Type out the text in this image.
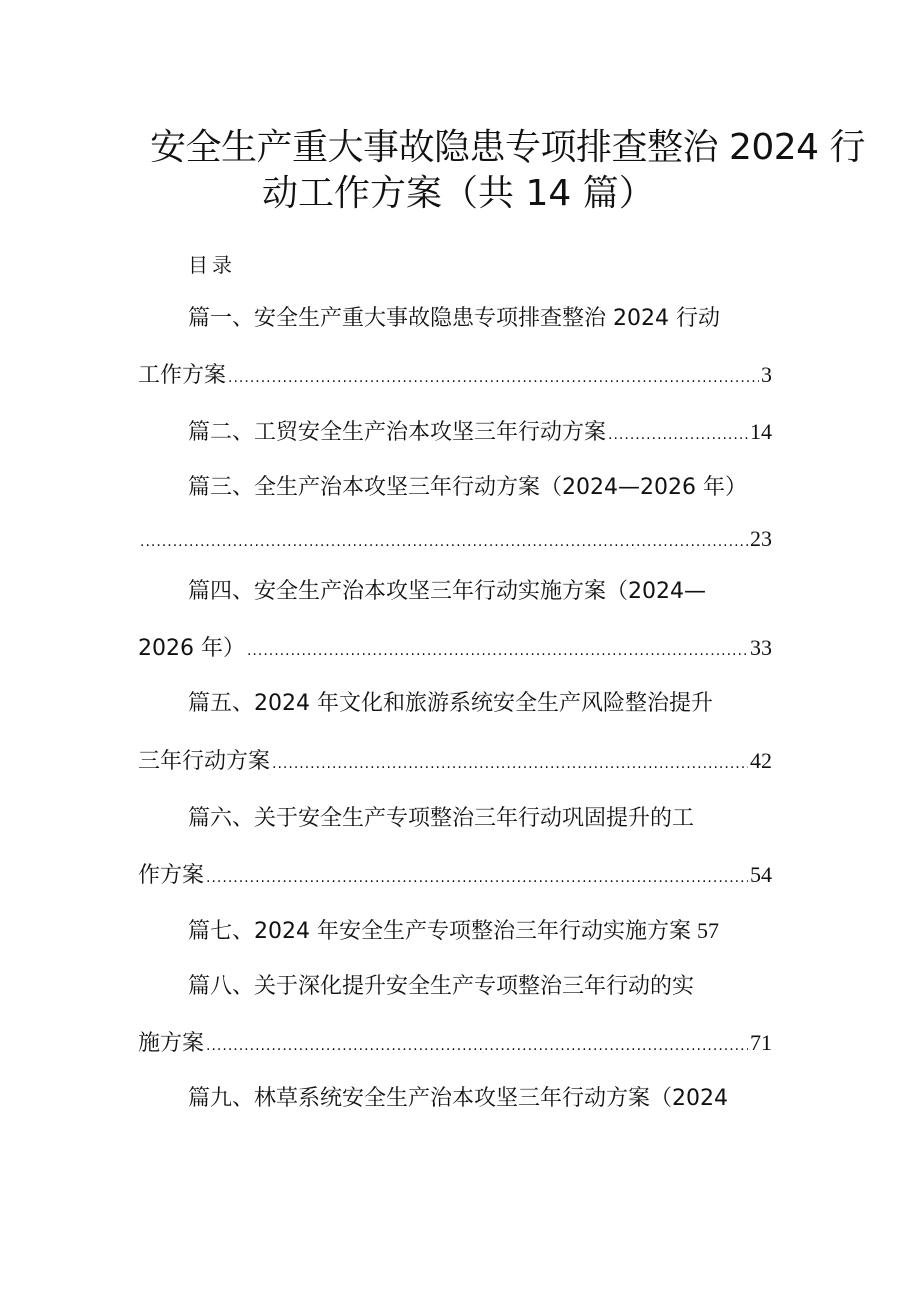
安全生产重大事故隐患专项排查整治 2024 行
动工作方案（共 14 篇）
目录
篇一、安全生产重大事故隐患专项排查整治 2024 行动
工作方案 .....	3
篇二、工贸安全生产治本攻坚三年行动方案 .....	14
篇三、全生产治本攻坚三年行动方案（2024—2026 年）
.....
23
篇四、安全生产治本攻坚三年行动实施方案（2024—
2026 年） .....	33
篇五、2024 年文化和旅游系统安全生产风险整治提升
三年行动方案 .....	42
篇六、关于安全生产专项整治三年行动巩固提升的工
作方案 .....	54
篇七、2024 年安全生产专项整治三年行动实施方案 57
篇八、关于深化提升安全生产专项整治三年行动的实
施方案 .....	71
篇九、林草系统安全生产治本攻坚三年行动方案（2024
